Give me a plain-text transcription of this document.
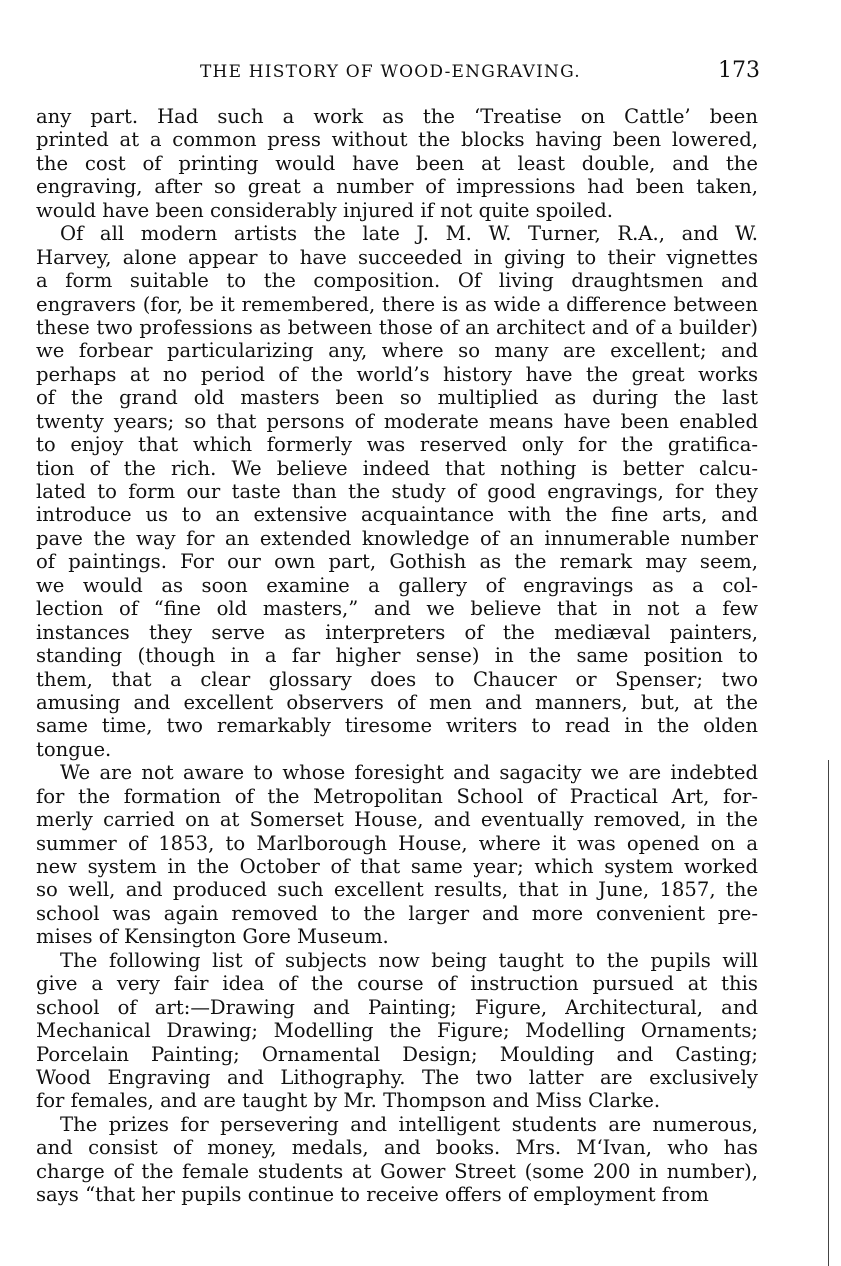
THE HISTORY OF WOOD-ENGRAVING.	173
any part. Had such a work as the ‘Treatise on Cattle’ been
printed at a common press without the blocks having been lowered,
the cost of printing would have been at least double, and the
engraving, after so great a number of impressions had been taken,
would have been considerably injured if not quite spoiled.
Of all modern artists the late J. M. W. Turner, R.A., and W.
Harvey, alone appear to have succeeded in giving to their vignettes
a form suitable to the composition. Of living draughtsmen and
engravers (for, be it remembered, there is as wide a difference between
these two professions as between those of an architect and of a builder)
we forbear particularizing any, where so many are excellent; and
perhaps at no period of the world’s history have the great works
of the grand old masters been so multiplied as during the last
twenty years; so that persons of moderate means have been enabled
to enjoy that which formerly was reserved only for the gratifica-
tion of the rich. We believe indeed that nothing is better calcu-
lated to form our taste than the study of good engravings, for they
introduce us to an extensive acquaintance with the fine arts, and
pave the way for an extended knowledge of an innumerable number
of paintings. For our own part, Gothish as the remark may seem,
we would as soon examine a gallery of engravings as a col-
lection of “fine old masters,” and we believe that in not a few
instances they serve as interpreters of the mediæval painters,
standing (though in a far higher sense) in the same position to
them, that a clear glossary does to Chaucer or Spenser; two
amusing and excellent observers of men and manners, but, at the
same time, two remarkably tiresome writers to read in the olden
tongue.
We are not aware to whose foresight and sagacity we are indebted
for the formation of the Metropolitan School of Practical Art, for-
merly carried on at Somerset House, and eventually removed, in the
summer of 1853, to Marlborough House, where it was opened on a
new system in the October of that same year; which system worked
so well, and produced such excellent results, that in June, 1857, the
school was again removed to the larger and more convenient pre-
mises of Kensington Gore Museum.
The following list of subjects now being taught to the pupils will
give a very fair idea of the course of instruction pursued at this
school of art:—Drawing and Painting; Figure, Architectural, and
Mechanical Drawing; Modelling the Figure; Modelling Ornaments;
Porcelain Painting; Ornamental Design; Moulding and Casting;
Wood Engraving and Lithography. The two latter are exclusively
for females, and are taught by Mr. Thompson and Miss Clarke.
The prizes for persevering and intelligent students are numerous,
and consist of money, medals, and books. Mrs. M‘Ivan, who has
charge of the female students at Gower Street (some 200 in number),
says “that her pupils continue to receive offers of employment from
